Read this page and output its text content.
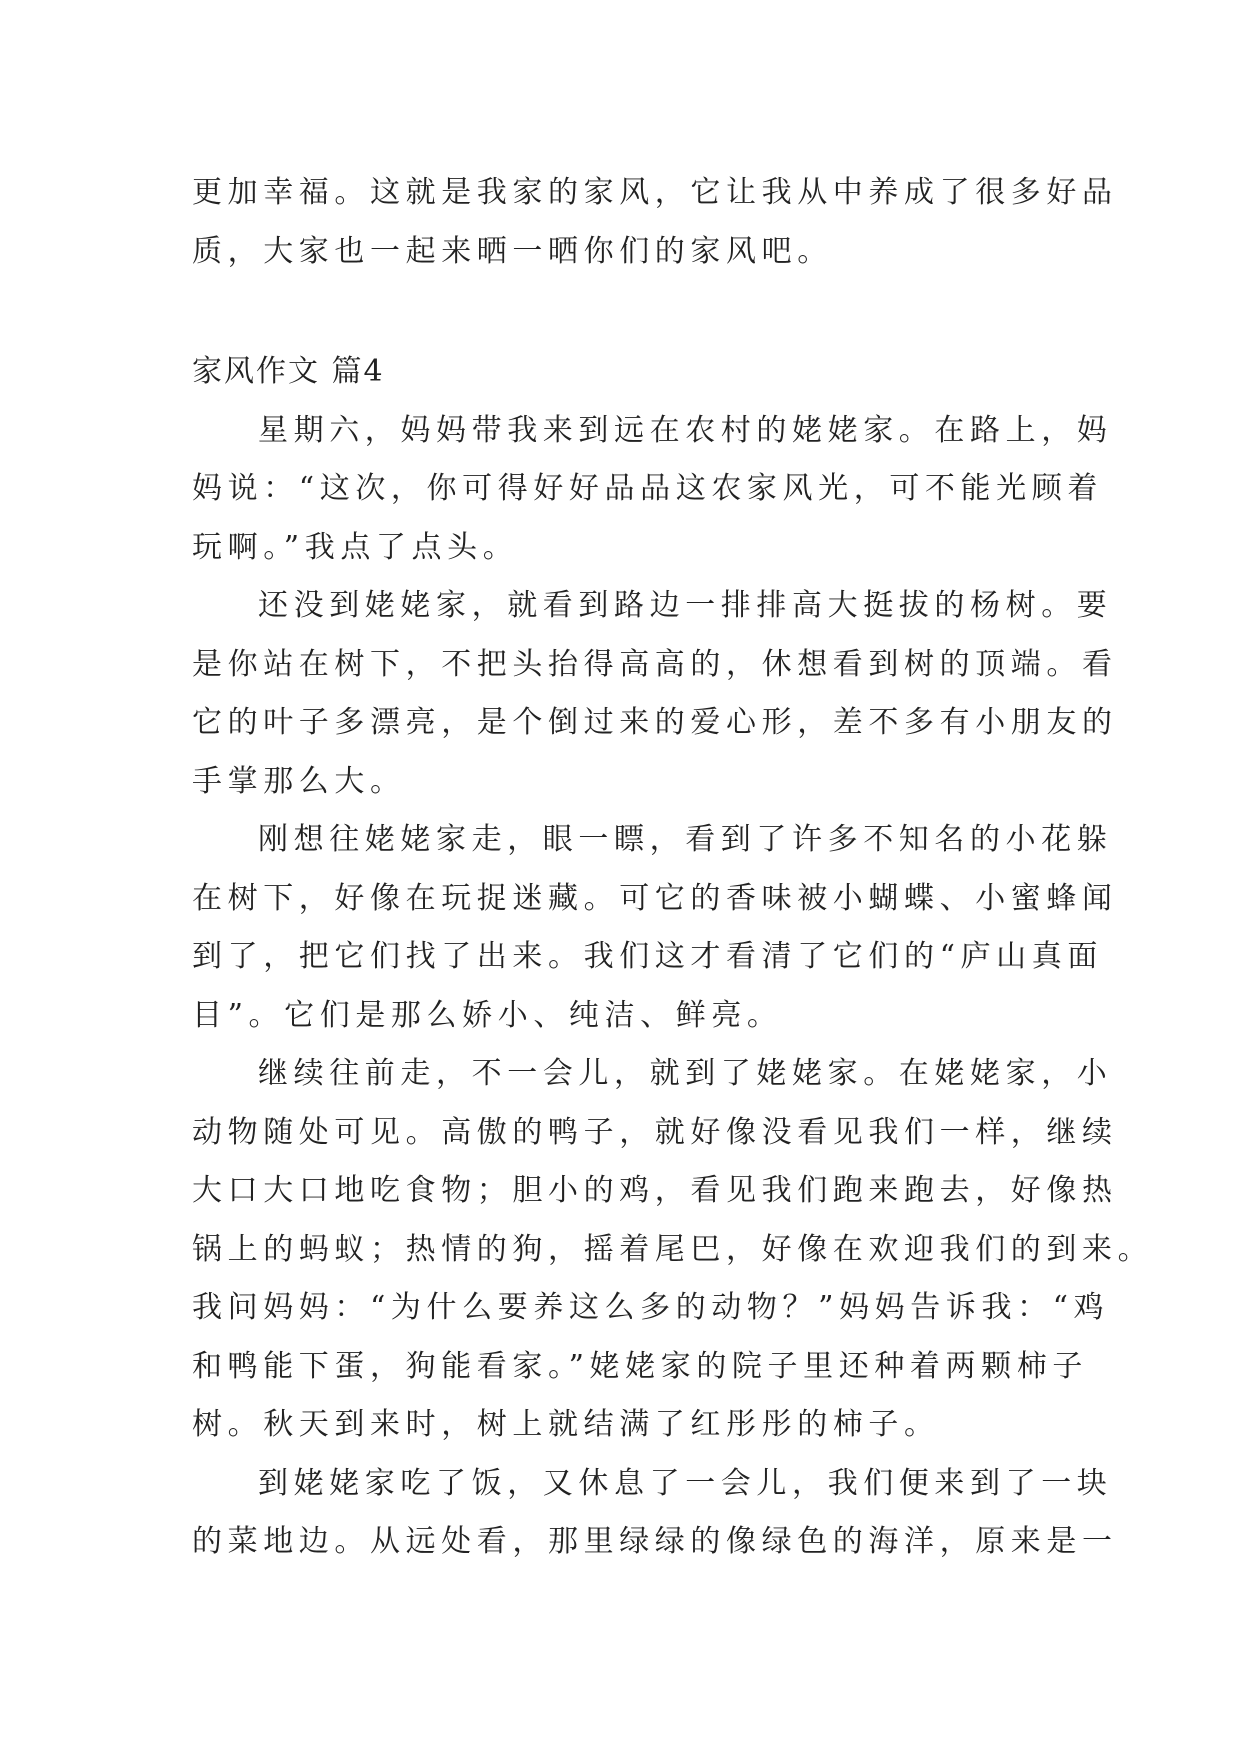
更加幸福。这就是我家的家风，它让我从中养成了很多好品
质，大家也一起来晒一晒你们的家风吧。
家风作文 篇4
星期六，妈妈带我来到远在农村的姥姥家。在路上，妈
妈说：“这次，你可得好好品品这农家风光，可不能光顾着
玩啊。”我点了点头。
还没到姥姥家，就看到路边一排排高大挺拔的杨树。要
是你站在树下，不把头抬得高高的，休想看到树的顶端。看
它的叶子多漂亮，是个倒过来的爱心形，差不多有小朋友的
手掌那么大。
刚想往姥姥家走，眼一瞟，看到了许多不知名的小花躲
在树下，好像在玩捉迷藏。可它的香味被小蝴蝶、小蜜蜂闻
到了，把它们找了出来。我们这才看清了它们的“庐山真面
目”。它们是那么娇小、纯洁、鲜亮。
继续往前走，不一会儿，就到了姥姥家。在姥姥家，小
动物随处可见。高傲的鸭子，就好像没看见我们一样，继续
大口大口地吃食物；胆小的鸡，看见我们跑来跑去，好像热
锅上的蚂蚁；热情的狗，摇着尾巴，好像在欢迎我们的到来。
我问妈妈：“为什么要养这么多的动物？”妈妈告诉我：“鸡
和鸭能下蛋，狗能看家。”姥姥家的院子里还种着两颗柿子
树。秋天到来时，树上就结满了红彤彤的柿子。
到姥姥家吃了饭，又休息了一会儿，我们便来到了一块
的菜地边。从远处看，那里绿绿的像绿色的海洋，原来是一
